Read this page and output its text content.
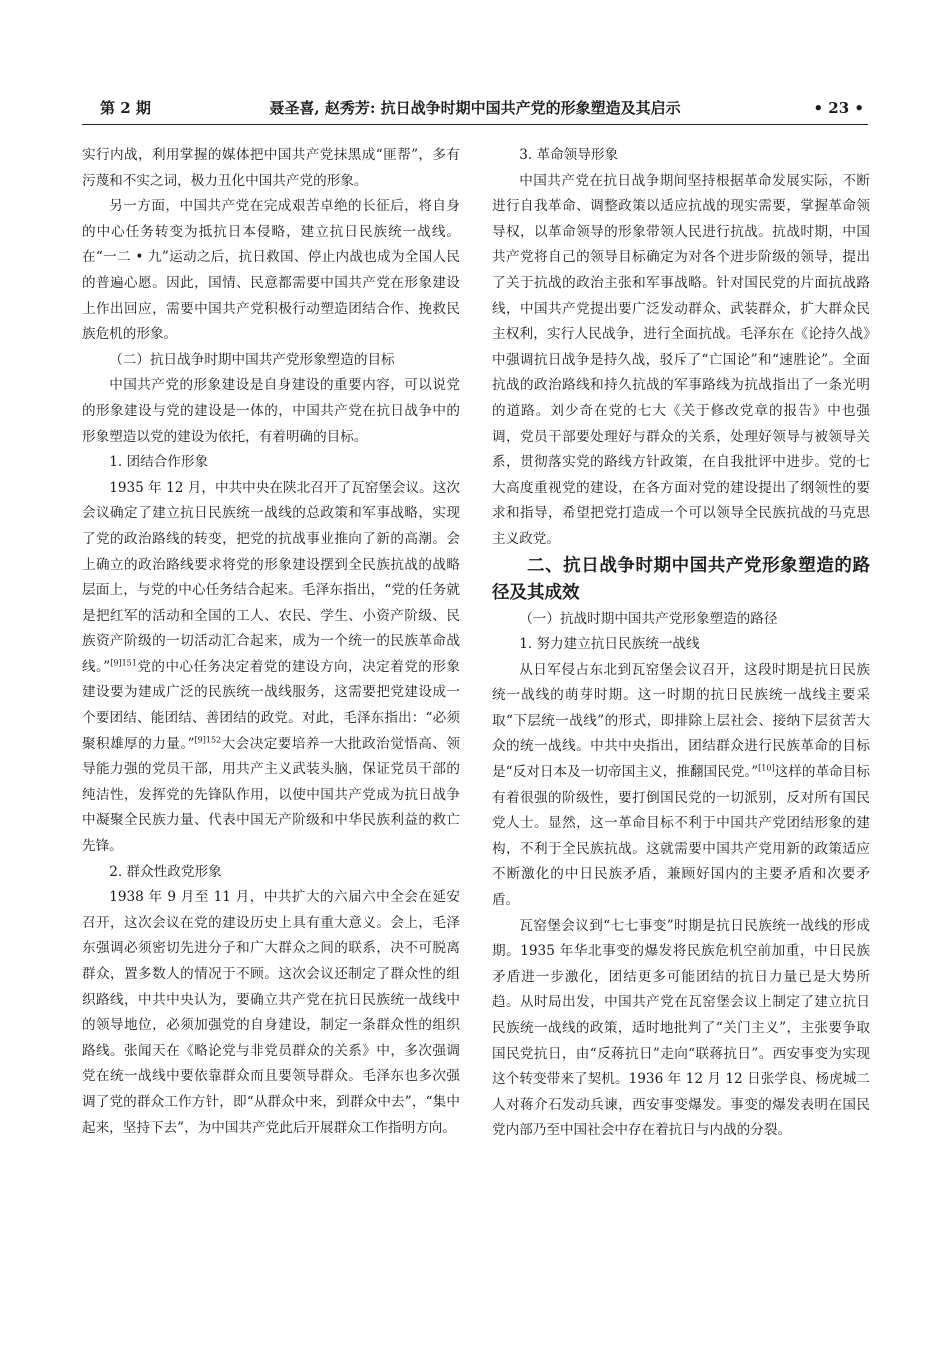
第 2 期	聂圣喜, 赵秀芳: 抗日战争时期中国共产党的形象塑造及其启示	• 23 •

实行内战，利用掌握的媒体把中国共产党抹黑成“匪帮”，多有污蔑和不实之词，极力丑化中国共产党的形象。

另一方面，中国共产党在完成艰苦卓绝的长征后，将自身的中心任务转变为抵抗日本侵略，建立抗日民族统一战线。在“一二 • 九”运动之后，抗日救国、停止内战也成为全国人民的普遍心愿。因此，国情、民意都需要中国共产党在形象建设上作出回应，需要中国共产党积极行动塑造团结合作、挽救民族危机的形象。

（二）抗日战争时期中国共产党形象塑造的目标

中国共产党的形象建设是自身建设的重要内容，可以说党的形象建设与党的建设是一体的，中国共产党在抗日战争中的形象塑造以党的建设为依托，有着明确的目标。

1. 团结合作形象

1935 年 12 月，中共中央在陕北召开了瓦窑堡会议。这次会议确定了建立抗日民族统一战线的总政策和军事战略，实现了党的政治路线的转变，把党的抗战事业推向了新的高潮。会上确立的政治路线要求将党的形象建设摆到全民族抗战的战略层面上，与党的中心任务结合起来。毛泽东指出，“党的任务就是把红军的活动和全国的工人、农民、学生、小资产阶级、民族资产阶级的一切活动汇合起来，成为一个统一的民族革命战线。”$^{[9]151}$党的中心任务决定着党的建设方向，决定着党的形象建设要为建成广泛的民族统一战线服务，这需要把党建设成一个要团结、能团结、善团结的政党。对此，毛泽东指出：“必须聚积雄厚的力量。”$^{[9]152}$大会决定要培养一大批政治觉悟高、领导能力强的党员干部，用共产主义武装头脑，保证党员干部的纯洁性，发挥党的先锋队作用，以使中国共产党成为抗日战争中凝聚全民族力量、代表中国无产阶级和中华民族利益的救亡先锋。

2. 群众性政党形象

1938 年 9 月至 11 月，中共扩大的六届六中全会在延安召开，这次会议在党的建设历史上具有重大意义。会上，毛泽东强调必须密切先进分子和广大群众之间的联系，决不可脱离群众，置多数人的情况于不顾。这次会议还制定了群众性的组织路线，中共中央认为，要确立共产党在抗日民族统一战线中的领导地位，必须加强党的自身建设，制定一条群众性的组织路线。张闻天在《略论党与非党员群众的关系》中，多次强调党在统一战线中要依靠群众而且要领导群众。毛泽东也多次强调了党的群众工作方针，即“从群众中来，到群众中去”，“集中起来，坚持下去”，为中国共产党此后开展群众工作指明方向。

3. 革命领导形象

中国共产党在抗日战争期间坚持根据革命发展实际，不断进行自我革命、调整政策以适应抗战的现实需要，掌握革命领导权，以革命领导的形象带领人民进行抗战。抗战时期，中国共产党将自己的领导目标确定为对各个进步阶级的领导，提出了关于抗战的政治主张和军事战略。针对国民党的片面抗战路线，中国共产党提出要广泛发动群众、武装群众，扩大群众民主权利，实行人民战争，进行全面抗战。毛泽东在《论持久战》中强调抗日战争是持久战，驳斥了“亡国论”和“速胜论”。全面抗战的政治路线和持久抗战的军事路线为抗战指出了一条光明的道路。刘少奇在党的七大《关于修改党章的报告》中也强调，党员干部要处理好与群众的关系，处理好领导与被领导关系，贯彻落实党的路线方针政策，在自我批评中进步。党的七大高度重视党的建设，在各方面对党的建设提出了纲领性的要求和指导，希望把党打造成一个可以领导全民族抗战的马克思主义政党。

二、抗日战争时期中国共产党形象塑造的路径及其成效

（一）抗战时期中国共产党形象塑造的路径

1. 努力建立抗日民族统一战线

从日军侵占东北到瓦窑堡会议召开，这段时期是抗日民族统一战线的萌芽时期。这一时期的抗日民族统一战线主要采取“下层统一战线”的形式，即排除上层社会、接纳下层贫苦大众的统一战线。中共中央指出，团结群众进行民族革命的目标是“反对日本及一切帝国主义，推翻国民党。”[10]这样的革命目标有着很强的阶级性，要打倒国民党的一切派别，反对所有国民党人士。显然，这一革命目标不利于中国共产党团结形象的建构，不利于全民族抗战。这就需要中国共产党用新的政策适应不断激化的中日民族矛盾，兼顾好国内的主要矛盾和次要矛盾。

瓦窑堡会议到“七七事变”时期是抗日民族统一战线的形成期。1935 年华北事变的爆发将民族危机空前加重，中日民族矛盾进一步激化，团结更多可能团结的抗日力量已是大势所趋。从时局出发，中国共产党在瓦窑堡会议上制定了建立抗日民族统一战线的政策，适时地批判了“关门主义”，主张要争取国民党抗日，由“反蒋抗日”走向“联蒋抗日”。西安事变为实现这个转变带来了契机。1936 年 12 月 12 日张学良、杨虎城二人对蒋介石发动兵谏，西安事变爆发。事变的爆发表明在国民党内部乃至中国社会中存在着抗日与内战的分裂。
